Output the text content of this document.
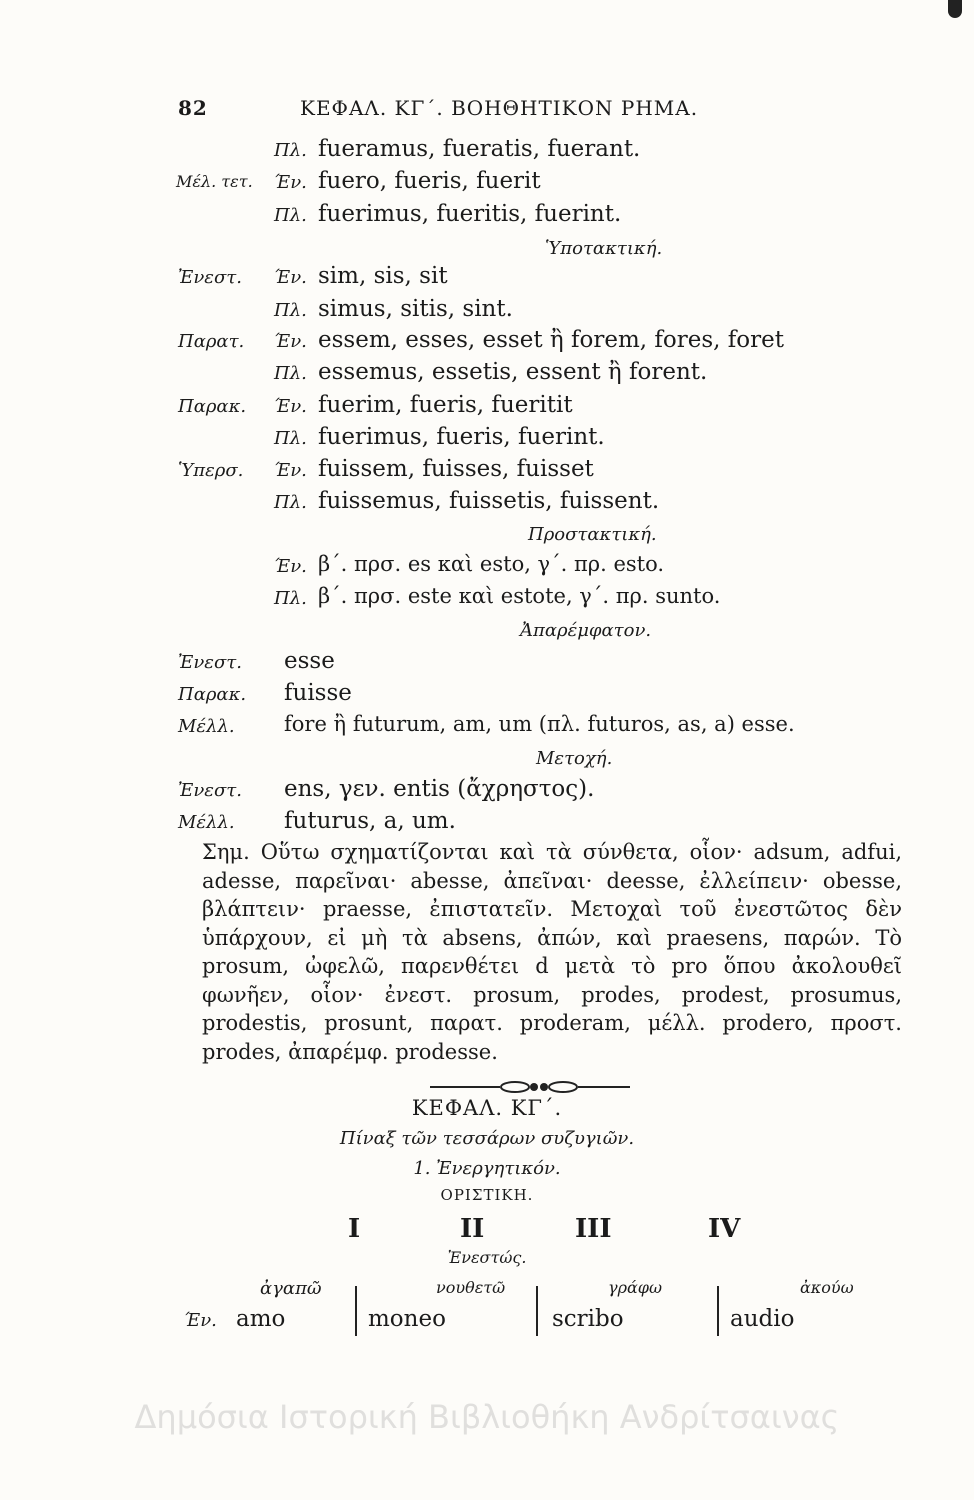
82	ΚΕΦΑΛ. ΚΓ΄. ΒΟΗΘΗΤΙΚΟΝ ΡΗΜΑ.
Πλ. fueramus, fueratis, fuerant.
Μέλ. τετ. Έν. fuero, fueris, fuerit
Πλ. fuerimus, fueritis, fuerint.
Ὑποτακτική.
Ἐνεστ. Έν. sim, sis, sit
Πλ. simus, sitis, sint.
Παρατ. Έν. essem, esses, esset ἢ forem, fores, foret
Πλ. essemus, essetis, essent ἢ forent.
Παρακ. Έν. fuerim, fueris, fueritit
Πλ. fuerimus, fueris, fuerint.
Ὑπερσ. Έν. fuissem, fuisses, fuisset
Πλ. fuissemus, fuissetis, fuissent.
Προστακτική.
Έν. β΄. πρσ. es καὶ esto, γ΄. πρ. esto.
Πλ. β΄. πρσ. este καὶ estote, γ΄. πρ. sunto.
Ἀπαρέμφατον.
Ἐνεστ. esse
Παρακ. fuisse
Μέλλ. fore ἢ futurum, am, um (πλ. futuros, as, a) esse.
Μετοχή.
Ἐνεστ. ens, γεν. entis (ἄχρηστος).
Μέλλ. futurus, a, um.
Σημ. Οὕτω σχηματίζονται καὶ τὰ σύνθετα, οἷον· adsum, adfui, adesse, παρεῖναι· abesse, ἀπεῖναι· deesse, ἐλλείπειν· obesse, βλάπτειν· praesse, ἐπιστατεῖν. Μετοχαὶ τοῦ ἐνεστῶτος δὲν ὑπάρχουν, εἰ μὴ τὰ absens, ἀπών, καὶ praesens, παρών. Τὸ prosum, ὠφελῶ, παρενθέτει d μετὰ τὸ pro ὅπου ἀκολουθεῖ φωνῆεν, οἷον· ἐνεστ. prosum, prodes, prodest, prosumus, prodestis, prosunt, παρατ. proderam, μέλλ. prodero, προστ. prodes, ἀπαρέμφ. prodesse.
ΚΕΦΑΛ. ΚΓ΄.
Πίναξ τῶν τεσσάρων συζυγιῶν.
1. Ἐνεργητικόν.
ΟΡΙΣΤΙΚΗ.
I	II	III	IV
Ἐνεστώς.
ἀγαπῶ	νουθετῶ	γράφω	ἀκούω
Έν. amo	moneo	scribo	audio
Δημόσια Ιστορική Βιβλιοθήκη Ανδρίτσαινας
